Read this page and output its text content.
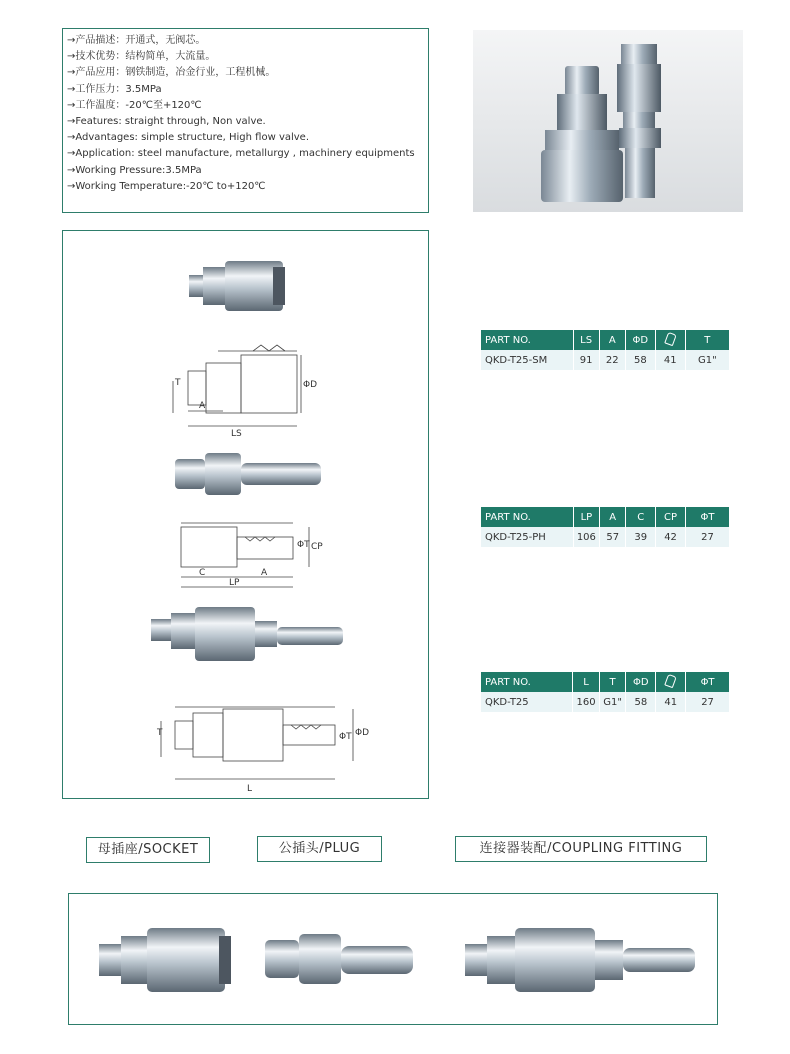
→产品描述：开通式，无阀芯。
→技术优势：结构简单，大流量。
→产品应用：钢铁制造，冶金行业，工程机械。
→工作压力：3.5MPa
→工作温度：-20℃至+120℃
→Features: straight through, Non valve.
→Advantages: simple structure, High flow valve.
→Application: steel manufacture, metallurgy , machinery equipments
→Working Pressure:3.5MPa
→Working Temperature:-20℃ to+120℃
T	ΦD
A
LS
ΦT CP
C	A
LP
T	ΦT ΦD
L
PART NO.	LS	A	ΦD		T
QKD-T25-SM	91	22	58	41	G1"
PART NO.	LP	A	C	CP	ΦT
QKD-T25-PH	106	57	39	42	27
PART NO.	L	T	ΦD		ΦT
QKD-T25	160	G1"	58	41	27
母插座/SOCKET	公插头/PLUG	连接器装配/COUPLING FITTING
